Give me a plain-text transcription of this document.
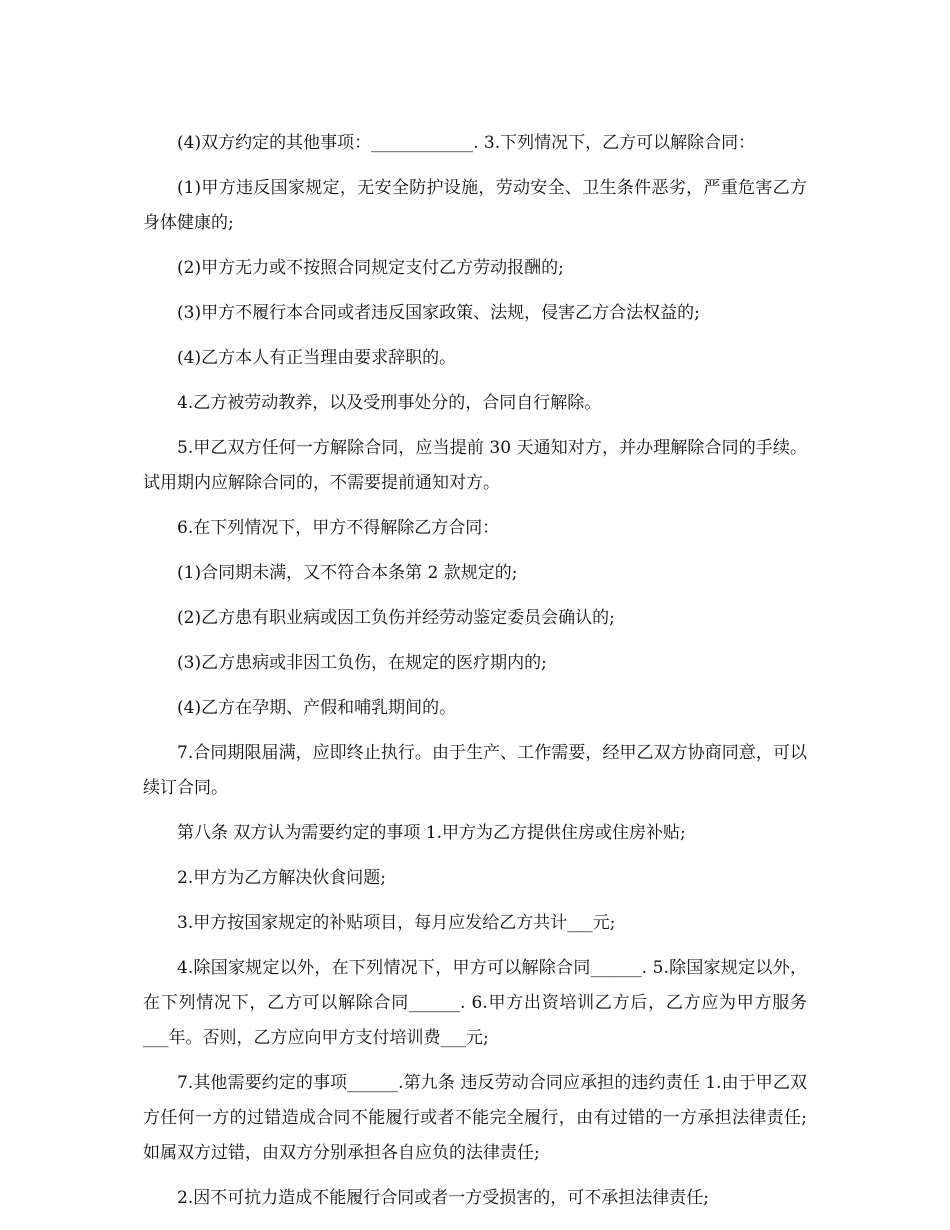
(4)双方约定的其他事项：____________. 3.下列情况下，乙方可以解除合同：

(1)甲方违反国家规定，无安全防护设施，劳动安全、卫生条件恶劣，严重危害乙方身体健康的;

(2)甲方无力或不按照合同规定支付乙方劳动报酬的;

(3)甲方不履行本合同或者违反国家政策、法规，侵害乙方合法权益的;

(4)乙方本人有正当理由要求辞职的。

4.乙方被劳动教养，以及受刑事处分的，合同自行解除。

5.甲乙双方任何一方解除合同，应当提前 30 天通知对方，并办理解除合同的手续。试用期内应解除合同的，不需要提前通知对方。

6.在下列情况下，甲方不得解除乙方合同：

(1)合同期未满，又不符合本条第 2 款规定的;

(2)乙方患有职业病或因工负伤并经劳动鉴定委员会确认的;

(3)乙方患病或非因工负伤，在规定的医疗期内的;

(4)乙方在孕期、产假和哺乳期间的。

7.合同期限届满，应即终止执行。由于生产、工作需要，经甲乙双方协商同意，可以续订合同。

第八条 双方认为需要约定的事项 1.甲方为乙方提供住房或住房补贴;

2.甲方为乙方解决伙食问题;

3.甲方按国家规定的补贴项目，每月应发给乙方共计___元;

4.除国家规定以外，在下列情况下，甲方可以解除合同______. 5.除国家规定以外，在下列情况下，乙方可以解除合同______. 6.甲方出资培训乙方后，乙方应为甲方服务___年。否则，乙方应向甲方支付培训费___元;

7.其他需要约定的事项______.第九条 违反劳动合同应承担的违约责任 1.由于甲乙双方任何一方的过错造成合同不能履行或者不能完全履行，由有过错的一方承担法律责任;如属双方过错，由双方分别承担各自应负的法律责任;

2.因不可抗力造成不能履行合同或者一方受损害的，可不承担法律责任;
